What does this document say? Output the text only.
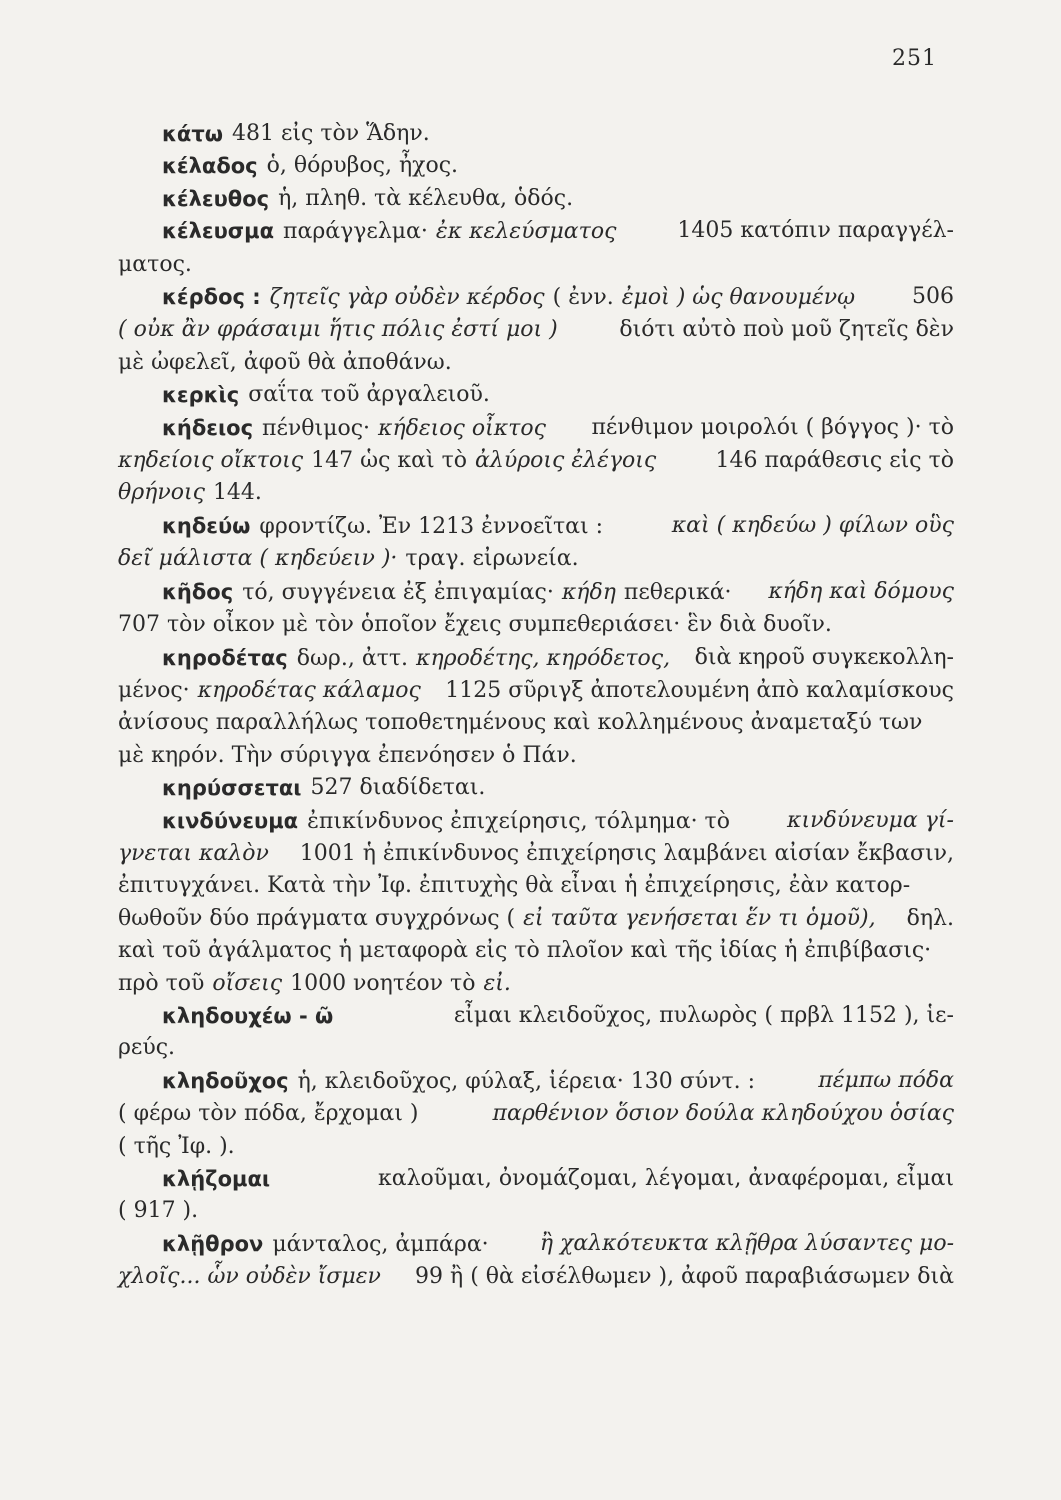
251
κάτω 481 εἰς τὸν Ἅδην.
κέλαδος ὁ, θόρυβος, ἦχος.
κέλευθος ἡ, πληθ. τὰ κέλευθα, ὁδός.
κέλευσμα παράγγελμα· ἐκ κελεύσματος	1405 κατόπιν παραγγέλ-
ματος.
κέρδος : ζητεῖς γὰρ οὐδὲν κέρδος ( ἐνν. ἐμοὶ ) ὡς θανουμένῳ	506
( οὐκ ἂν φράσαιμι ἥτις πόλις ἐστί μοι )	διότι αὐτὸ ποὺ μοῦ ζητεῖς δὲν
μὲ ὠφελεῖ, ἀφοῦ θὰ ἀποθάνω.
κερκὶς σαΐτα τοῦ ἀργαλειοῦ.
κήδειος πένθιμος· κήδειος οἶκτος	πένθιμον μοιρολόι ( βόγγος )· τὸ
κηδείοις οἴκτοις 147 ὡς καὶ τὸ ἀλύροις ἐλέγοις	146 παράθεσις εἰς τὸ
θρήνοις 144.
κηδεύω φροντίζω. Ἐν 1213 ἐννοεῖται :	καὶ ( κηδεύω ) φίλων οὓς
δεῖ μάλιστα ( κηδεύειν )· τραγ. εἰρωνεία.
κῆδος τό, συγγένεια ἐξ ἐπιγαμίας· κήδη πεθερικά·	κήδη καὶ δόμους
707 τὸν οἶκον μὲ τὸν ὁποῖον ἔχεις συμπεθεριάσει· ἓν διὰ δυοῖν.
κηροδέτας δωρ., ἀττ. κηροδέτης, κηρόδετος,	διὰ κηροῦ συγκεκολλη-
μένος· κηροδέτας κάλαμος	1125 σῦριγξ ἀποτελουμένη ἀπὸ καλαμίσκους
ἀνίσους παραλλήλως τοποθετημένους καὶ κολλημένους ἀναμεταξύ των
μὲ κηρόν. Τὴν σύριγγα ἐπενόησεν ὁ Πάν.
κηρύσσεται 527 διαδίδεται.
κινδύνευμα ἐπικίνδυνος ἐπιχείρησις, τόλμημα· τὸ	κινδύνευμα γί-
γνεται καλὸν 1001 ἡ ἐπικίνδυνος ἐπιχείρησις λαμβάνει αἰσίαν ἔκβασιν,
ἐπιτυγχάνει. Κατὰ τὴν Ἰφ. ἐπιτυχὴς θὰ εἶναι ἡ ἐπιχείρησις, ἐὰν κατορ-
θωθοῦν δύο πράγματα συγχρόνως ( εἰ ταῦτα γενήσεται ἕν τι ὁμοῦ), δηλ.
καὶ τοῦ ἀγάλματος ἡ μεταφορὰ εἰς τὸ πλοῖον καὶ τῆς ἰδίας ἡ ἐπιβίβασις·
πρὸ τοῦ οἴσεις 1000 νοητέον τὸ εἰ.
κληδουχέω - ῶ	εἶμαι κλειδοῦχος, πυλωρὸς ( πρβλ 1152 ), ἱε-
ρεύς.
κληδοῦχος ἡ, κλειδοῦχος, φύλαξ, ἱέρεια· 130 σύντ. :	πέμπω πόδα
( φέρω τὸν πόδα, ἔρχομαι )	παρθένιον ὅσιον δούλα κληδούχου ὁσίας
( τῆς Ἰφ. ).
κλῄζομαι	καλοῦμαι, ὀνομάζομαι, λέγομαι, ἀναφέρομαι, εἶμαι
( 917 ).
κλῇθρον μάνταλος, ἀμπάρα· ἢ χαλκότευκτα κλῇθρα λύσαντες μο-
χλοῖς... ὧν οὐδὲν ἴσμεν 99 ἢ ( θὰ εἰσέλθωμεν ), ἀφοῦ παραβιάσωμεν διὰ
